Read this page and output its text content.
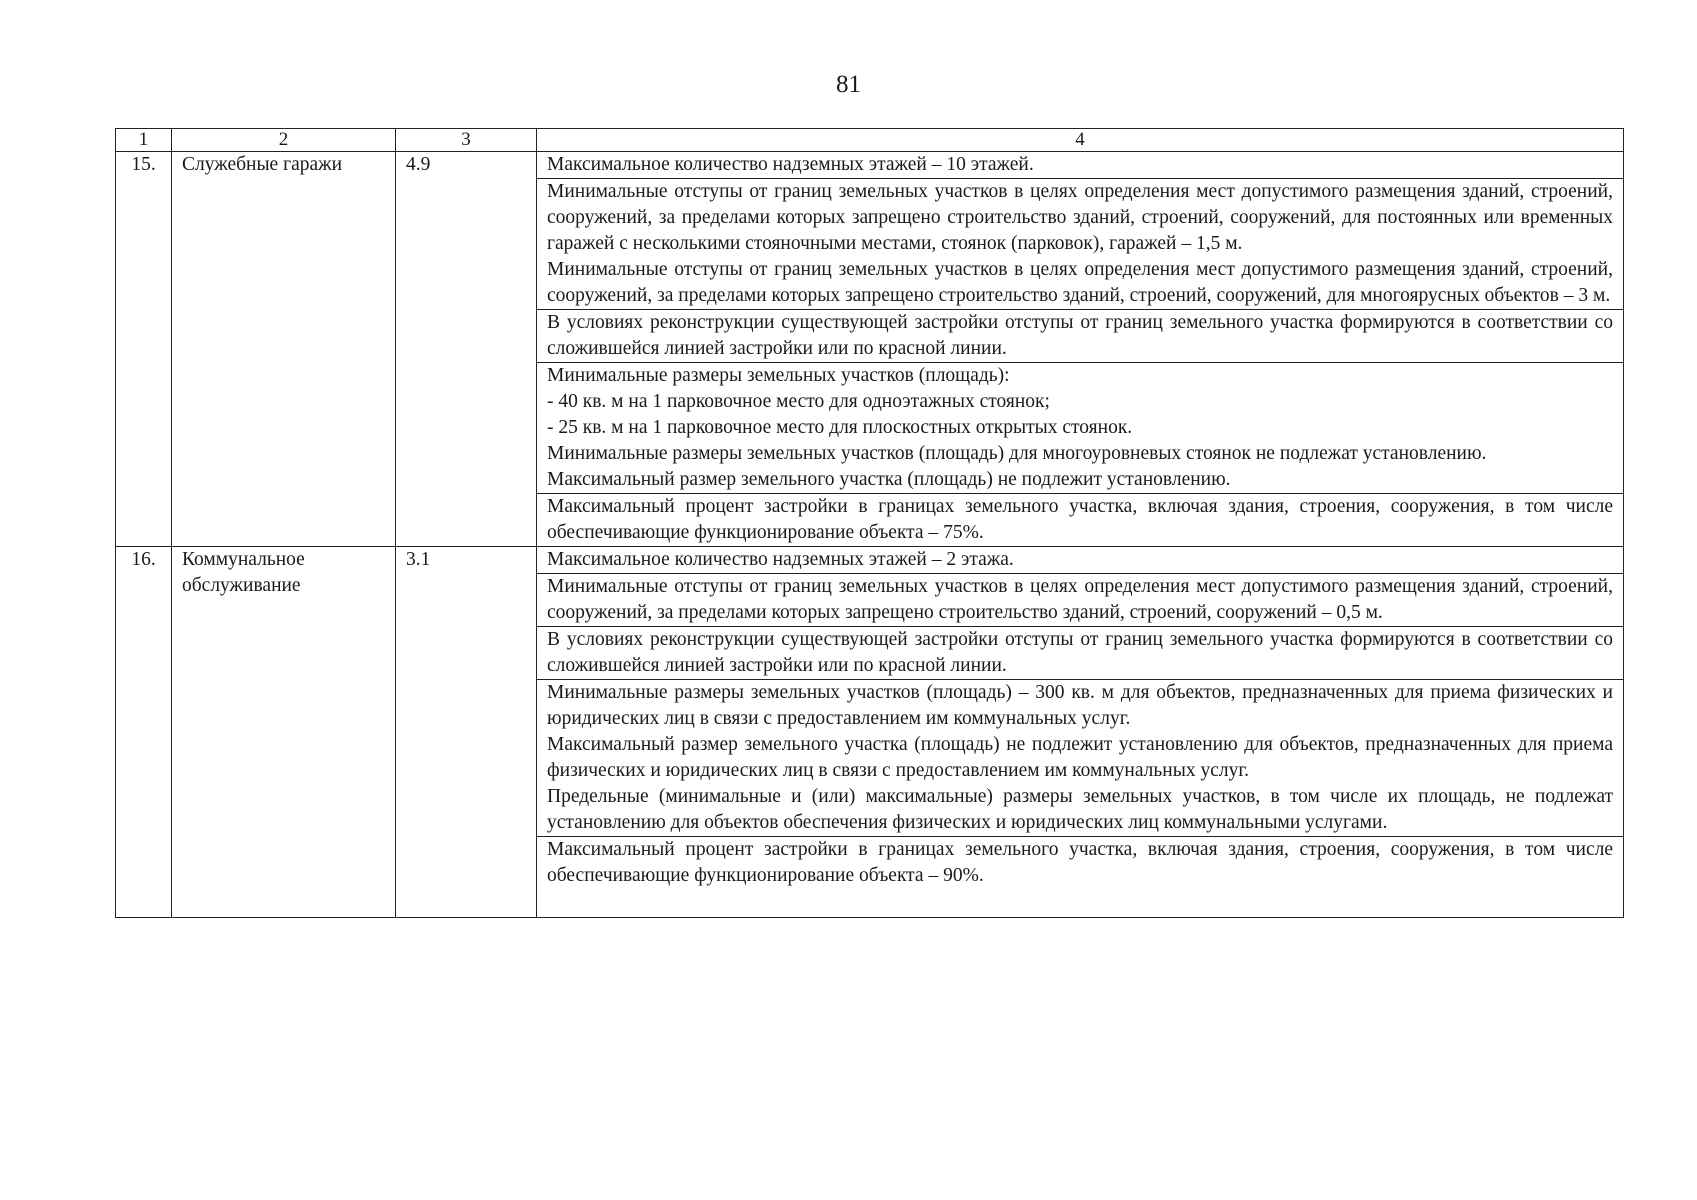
81
1	2	3	4
15.	Служебные гаражи	4.9	Максимальное количество надземных этажей – 10 этажей.
			Минимальные отступы от границ земельных участков в целях определения мест допустимого размещения зданий, строений, сооружений, за пределами которых запрещено строительство зданий, строений, сооружений, для постоянных или временных гаражей с несколькими стояночными местами, стоянок (парковок), гаражей – 1,5 м.
Минимальные отступы от границ земельных участков в целях определения мест допустимого размещения зданий, строений, сооружений, за пределами которых запрещено строительство зданий, строений, сооружений, для многоярусных объектов – 3 м.
			В условиях реконструкции существующей застройки отступы от границ земельного участка формируются в соответствии со сложившейся линией застройки или по красной линии.
			Минимальные размеры земельных участков (площадь):
- 40 кв. м на 1 парковочное место для одноэтажных стоянок;
- 25 кв. м на 1 парковочное место для плоскостных открытых стоянок.
Минимальные размеры земельных участков (площадь) для многоуровневых стоянок не подлежат установлению.
Максимальный размер земельного участка (площадь) не подлежит установлению.
			Максимальный процент застройки в границах земельного участка, включая здания, строения, сооружения, в том числе обеспечивающие функционирование объекта – 75%.
16.	Коммунальное обслуживание	3.1	Максимальное количество надземных этажей – 2 этажа.
			Минимальные отступы от границ земельных участков в целях определения мест допустимого размещения зданий, строений, сооружений, за пределами которых запрещено строительство зданий, строений, сооружений – 0,5 м.
			В условиях реконструкции существующей застройки отступы от границ земельного участка формируются в соответствии со сложившейся линией застройки или по красной линии.
			Минимальные размеры земельных участков (площадь) – 300 кв. м для объектов, предназначенных для приема физических и юридических лиц в связи с предоставлением им коммунальных услуг.
Максимальный размер земельного участка (площадь) не подлежит установлению для объектов, предназначенных для приема физических и юридических лиц в связи с предоставлением им коммунальных услуг.
Предельные (минимальные и (или) максимальные) размеры земельных участков, в том числе их площадь, не подлежат установлению для объектов обеспечения физических и юридических лиц коммунальными услугами.
			Максимальный процент застройки в границах земельного участка, включая здания, строения, сооружения, в том числе обеспечивающие функционирование объекта – 90%.
